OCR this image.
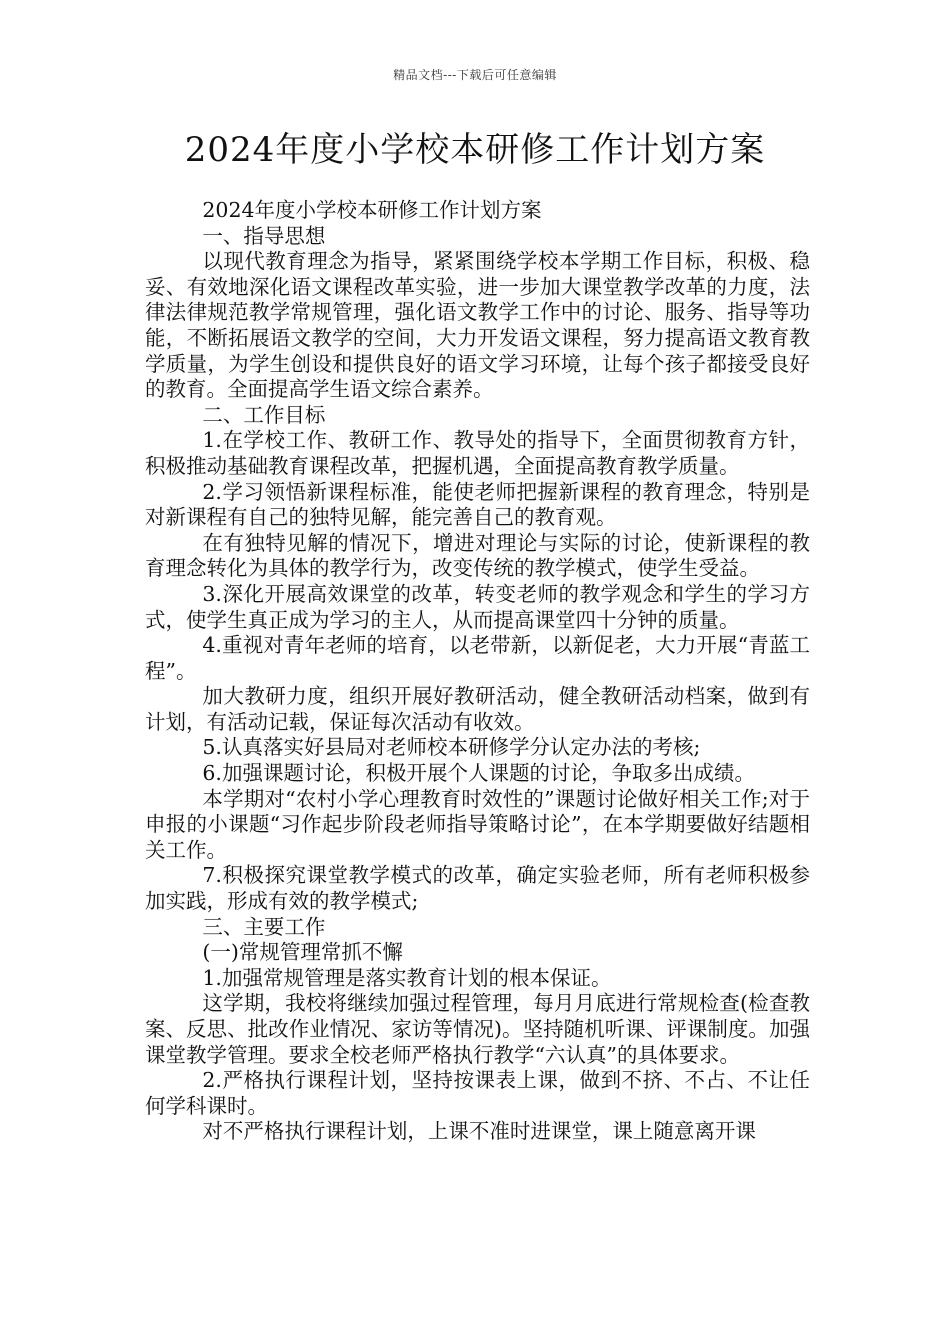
精品文档---下载后可任意编辑
2024年度小学校本研修工作计划方案

2024年度小学校本研修工作计划方案

一、指导思想

以现代教育理念为指导，紧紧围绕学校本学期工作目标，积极、稳妥、有效地深化语文课程改革实验，进一步加大课堂教学改革的力度，法律法律规范教学常规管理，强化语文教学工作中的讨论、服务、指导等功能，不断拓展语文教学的空间，大力开发语文课程，努力提高语文教育教学质量，为学生创设和提供良好的语文学习环境，让每个孩子都接受良好的教育。全面提高学生语文综合素养。

二、工作目标

1.在学校工作、教研工作、教导处的指导下，全面贯彻教育方针，积极推动基础教育课程改革，把握机遇，全面提高教育教学质量。

2.学习领悟新课程标准，能使老师把握新课程的教育理念，特别是对新课程有自己的独特见解，能完善自己的教育观。

在有独特见解的情况下，增进对理论与实际的讨论，使新课程的教育理念转化为具体的教学行为，改变传统的教学模式，使学生受益。

3.深化开展高效课堂的改革，转变老师的教学观念和学生的学习方式，使学生真正成为学习的主人，从而提高课堂四十分钟的质量。

4.重视对青年老师的培育，以老带新，以新促老，大力开展“青蓝工程”。

加大教研力度，组织开展好教研活动，健全教研活动档案，做到有计划，有活动记载，保证每次活动有收效。

5.认真落实好县局对老师校本研修学分认定办法的考核;

6.加强课题讨论，积极开展个人课题的讨论，争取多出成绩。

本学期对“农村小学心理教育时效性的”课题讨论做好相关工作;对于申报的小课题“习作起步阶段老师指导策略讨论”，在本学期要做好结题相关工作。

7.积极探究课堂教学模式的改革，确定实验老师，所有老师积极参加实践，形成有效的教学模式;

三、主要工作

(一)常规管理常抓不懈

1.加强常规管理是落实教育计划的根本保证。

这学期，我校将继续加强过程管理，每月月底进行常规检查(检查教案、反思、批改作业情况、家访等情况)。坚持随机听课、评课制度。加强课堂教学管理。要求全校老师严格执行教学“六认真”的具体要求。

2.严格执行课程计划，坚持按课表上课，做到不挤、不占、不让任何学科课时。

对不严格执行课程计划，上课不准时进课堂，课上随意离开课
